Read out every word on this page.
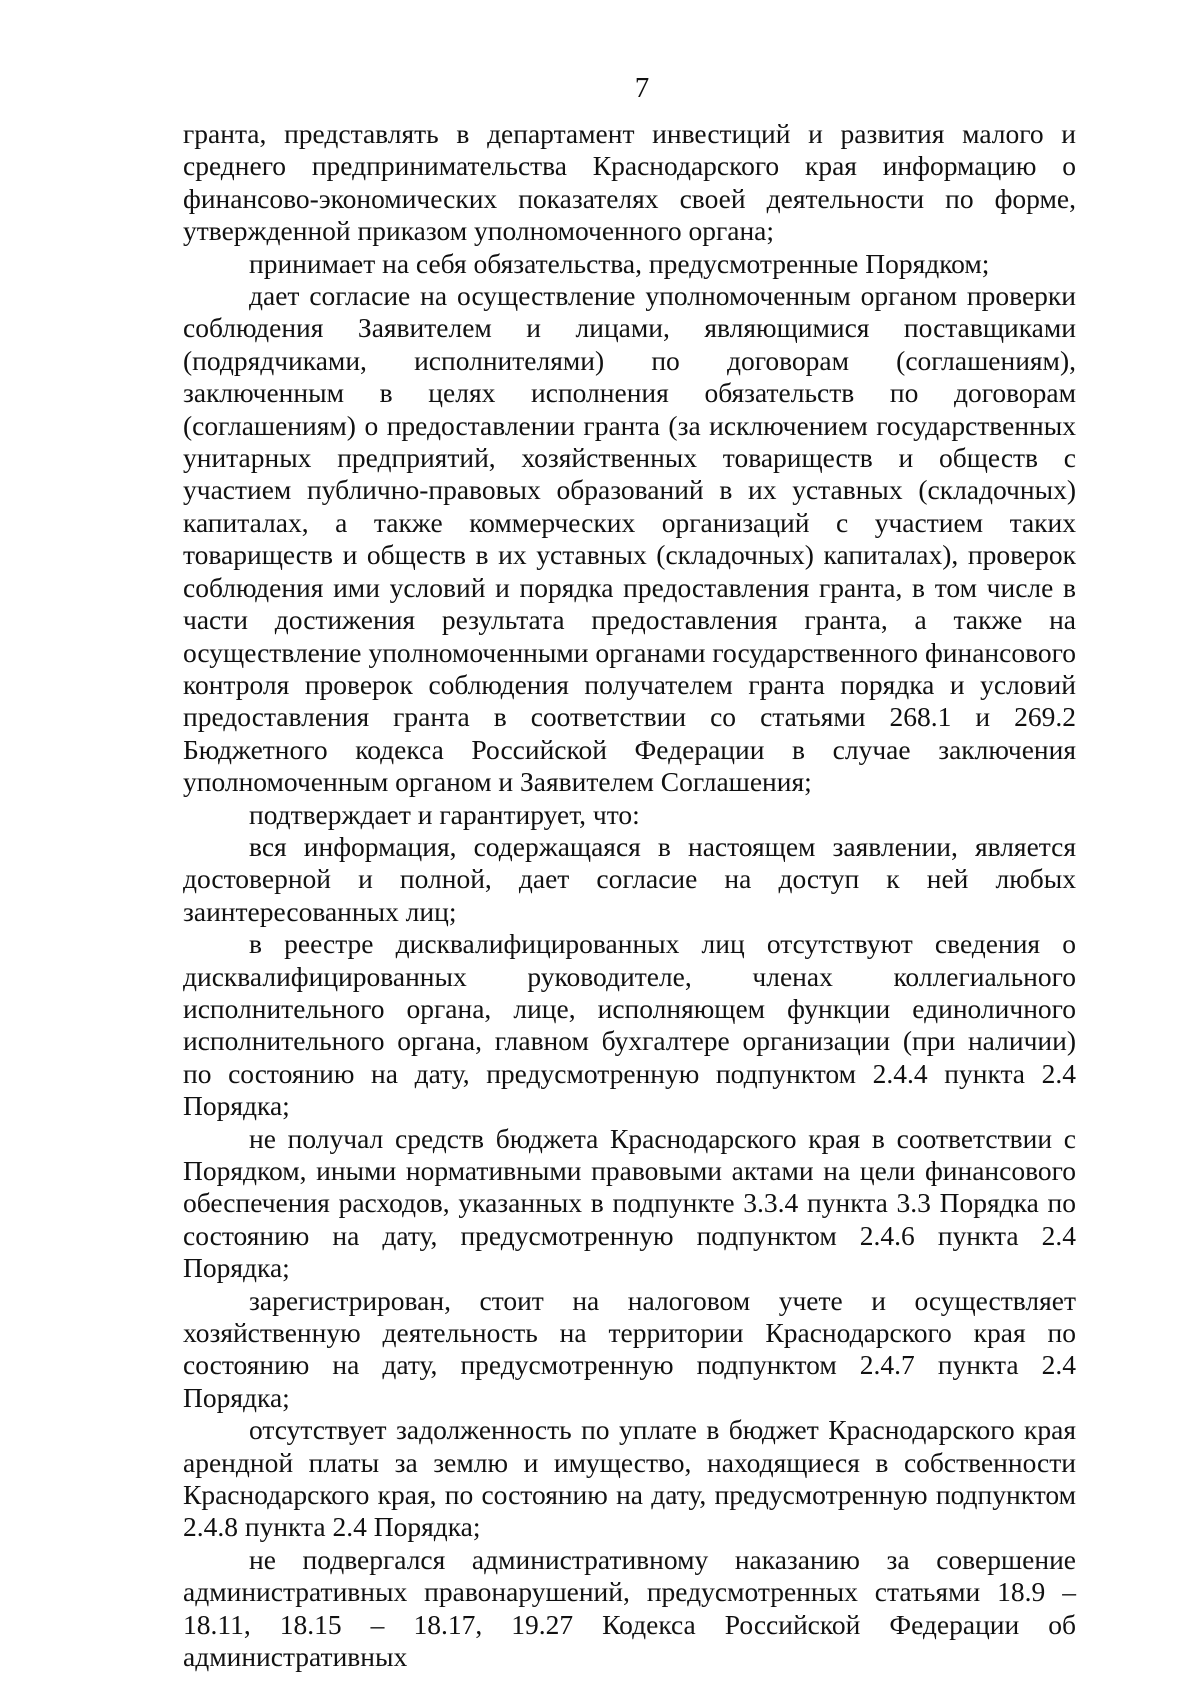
7

гранта, представлять в департамент инвестиций и развития малого и среднего предпринимательства Краснодарского края информацию о финансово-экономических показателях своей деятельности по форме, утвержденной приказом уполномоченного органа;

принимает на себя обязательства, предусмотренные Порядком;

дает согласие на осуществление уполномоченным органом проверки соблюдения Заявителем и лицами, являющимися поставщиками (подрядчиками, исполнителями) по договорам (соглашениям), заключенным в целях исполнения обязательств по договорам (соглашениям) о предоставлении гранта (за исключением государственных унитарных предприятий, хозяйственных товариществ и обществ с участием публично-правовых образований в их уставных (складочных) капиталах, а также коммерческих организаций с участием таких товариществ и обществ в их уставных (складочных) капиталах), проверок соблюдения ими условий и порядка предоставления гранта, в том числе в части достижения результата предоставления гранта, а также на осуществление уполномоченными органами государственного финансового контроля проверок соблюдения получателем гранта порядка и условий предоставления гранта в соответствии со статьями 268.1 и 269.2 Бюджетного кодекса Российской Федерации в случае заключения уполномоченным органом и Заявителем Соглашения;

подтверждает и гарантирует, что:

вся информация, содержащаяся в настоящем заявлении, является достоверной и полной, дает согласие на доступ к ней любых заинтересованных лиц;

в реестре дисквалифицированных лиц отсутствуют сведения о дисквалифицированных руководителе, членах коллегиального исполнительного органа, лице, исполняющем функции единоличного исполнительного органа, главном бухгалтере организации (при наличии) по состоянию на дату, предусмотренную подпунктом 2.4.4 пункта 2.4 Порядка;

не получал средств бюджета Краснодарского края в соответствии с Порядком, иными нормативными правовыми актами на цели финансового обеспечения расходов, указанных в подпункте 3.3.4 пункта 3.3 Порядка по состоянию на дату, предусмотренную подпунктом 2.4.6 пункта 2.4 Порядка;

зарегистрирован, стоит на налоговом учете и осуществляет хозяйственную деятельность на территории Краснодарского края по состоянию на дату, предусмотренную подпунктом 2.4.7 пункта 2.4 Порядка;

отсутствует задолженность по уплате в бюджет Краснодарского края арендной платы за землю и имущество, находящиеся в собственности Краснодарского края, по состоянию на дату, предусмотренную подпунктом 2.4.8 пункта 2.4 Порядка;

не подвергался административному наказанию за совершение административных правонарушений, предусмотренных статьями 18.9 – 18.11, 18.15 – 18.17, 19.27 Кодекса Российской Федерации об административных
